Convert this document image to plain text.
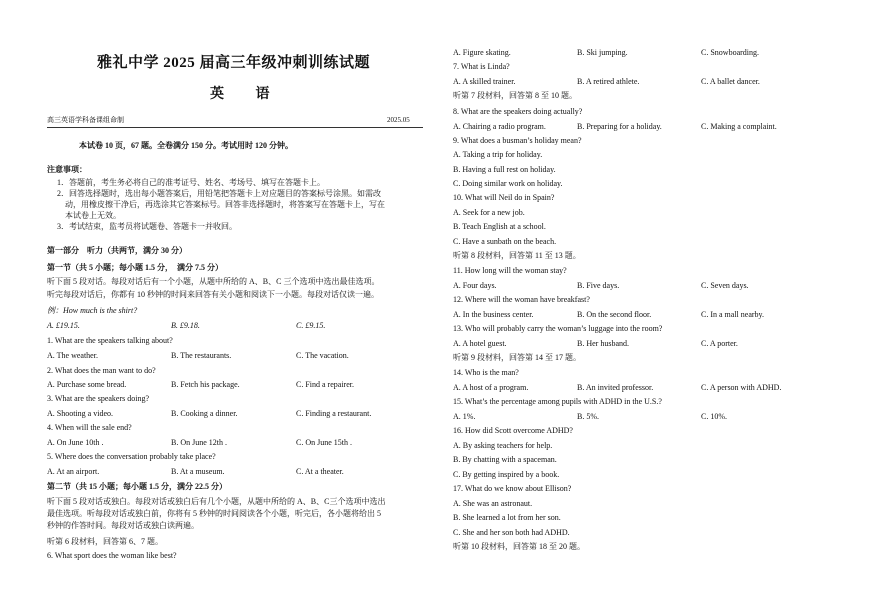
雅礼中学 2025 届高三年级冲刺训练试题
英 语
高三英语学科备课组命制	2025.05
本试卷 10 页，67 题。全卷满分 150 分。考试用时 120 分钟。
注意事项：
1．答题前，考生务必将自己的准考证号、姓名、考场号、填写在答题卡上。
2．回答选择题时，选出每小题答案后，用铅笔把答题卡上对应题目的答案标号涂黑。如需改
动，用橡皮擦干净后，再选涂其它答案标号。回答非选择题时，将答案写在答题卡上，写在
本试卷上无效。
3．考试结束，监考员将试题卷、答题卡一并收回。
第一部分　听力（共两节，满分 30 分）
第一节（共 5 小题；每小题 1.5 分，　满分 7.5 分）
听下面 5 段对话。每段对话后有一个小题，从题中所给的 A、B、C 三个选项中选出最佳选项。
听完每段对话后，你都有 10 秒钟的时间来回答有关小题和阅读下一小题。每段对话仅读一遍。
例：How much is the shirt?
A. £19.15.	B. £9.18.	C. £9.15.
1. What are the speakers talking about?
A. The weather.	B. The restaurants.	C. The vacation.
2. What does the man want to do?
A. Purchase some bread.	B. Fetch his package.	C. Find a repairer.
3. What are the speakers doing?
A. Shooting a video.	B. Cooking a dinner.	C. Finding a restaurant.
4. When will the sale end?
A. On June 10th .	B. On June 12th .	C. On June 15th .
5. Where does the conversation probably take place?
A. At an airport.	B. At a museum.	C. At a theater.
第二节（共 15 小题；每小题 1.5 分，满分 22.5 分）
听下面 5 段对话或独白。每段对话或独白后有几个小题，从题中所给的 A、B、C三个选项中选出
最佳选项。听每段对话或独白前，你将有 5 秒钟的时间阅读各个小题，听完后，各小题将给出 5
秒钟的作答时间。每段对话或独白读两遍。
听第 6 段材料，回答第 6、7 题。
6. What sport does the woman like best?
A. Figure skating.	B. Ski jumping.	C. Snowboarding.
7. What is Linda?
A. A skilled trainer.	B. A retired athlete.	C. A ballet dancer.
听第 7 段材料，回答第 8 至 10 题。
8. What are the speakers doing actually?
A. Chairing a radio program.	B. Preparing for a holiday.	C. Making a complaint.
9. What does a busman’s holiday mean?
A. Taking a trip for holiday.
B. Having a full rest on holiday.
C. Doing similar work on holiday.
10. What will Neil do in Spain?
A. Seek for a new job.
B. Teach English at a school.
C. Have a sunbath on the beach.
听第 8 段材料，回答第 11 至 13 题。
11. How long will the woman stay?
A. Four days.	B. Five days.	C. Seven days.
12. Where will the woman have breakfast?
A. In the business center.	B. On the second floor.	C. In a mall nearby.
13. Who will probably carry the woman’s luggage into the room?
A. A hotel guest.	B. Her husband.	C. A porter.
听第 9 段材料，回答第 14 至 17 题。
14. Who is the man?
A. A host of a program.	B. An invited professor.	C. A person with ADHD.
15. What’s the percentage among pupils with ADHD in the U.S.?
A. 1%.	B. 5%.	C. 10%.
16. How did Scott overcome ADHD?
A. By asking teachers for help.
B. By chatting with a spaceman.
C. By getting inspired by a book.
17. What do we know about Ellison?
A. She was an astronaut.
B. She learned a lot from her son.
C. She and her son both had ADHD.
听第 10 段材料，回答第 18 至 20 题。
